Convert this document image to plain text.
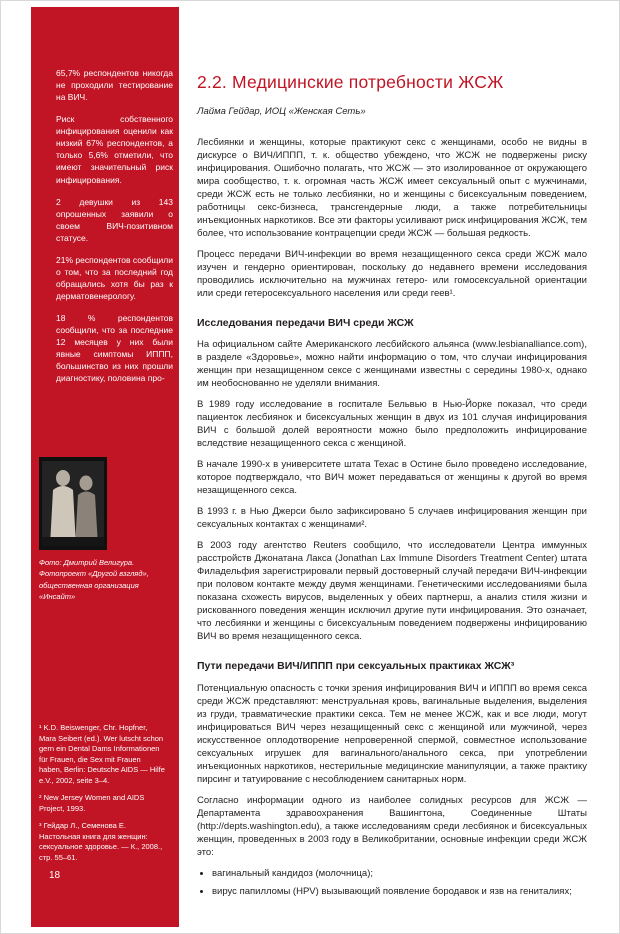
65,7% респондентов никогда не проходили тестирование на ВИЧ.

Риск собственного инфицирования оценили как низкий 67% респондентов, а только 5,6% отметили, что имеют значительный риск инфицирования.

2 девушки из 143 опрошенных заявили о своем ВИЧ-позитивном статусе.

21% респондентов сообщили о том, что за последний год обращались хотя бы раз к дерматовенерологу.

18 % респондентов сообщили, что за последние 12 месяцев у них были явные симптомы ИППП, большинство из них прошли диагностику, половина про-

Фото: Дмитрий Велигура. Фотопроект «Другой взгляд», общественная организация «Инсайт»

¹ K.D. Beiswenger, Chr. Hopfner, Mara Seibert (ed.). Wer lutscht schon gern ein Dental Dams Informationen für Frauen, die Sex mit Frauen haben, Berlin: Deutsche AIDS — Hilfe e.V., 2002, seite 3–4.

² New Jersey Women and AIDS Project, 1993.

³ Гейдар Л., Семенова Е. Настольная книга для женщин: сексуальное здоровье. — К., 2008., стр. 55–61.

18
2.2. Медицинские потребности ЖСЖ

Лайма Гейдар, ИОЦ «Женская Сеть»

Лесбиянки и женщины, которые практикуют секс с женщинами, особо не видны в дискурсе о ВИЧ/ИППП, т. к. общество убеждено, что ЖСЖ не подвержены риску инфицирования. Ошибочно полагать, что ЖСЖ — это изолированное от окружающего мира сообщество, т. к. огромная часть ЖСЖ имеет сексуальный опыт с мужчинами, среди ЖСЖ есть не только лесбиянки, но и женщины с бисексуальным поведением, работницы секс-бизнеса, трансгендерные люди, а также потребительницы инъекционных наркотиков. Все эти факторы усиливают риск инфицирования ЖСЖ, тем более, что использование контрацепции среди ЖСЖ — большая редкость.

Процесс передачи ВИЧ-инфекции во время незащищенного секса среди ЖСЖ мало изучен и гендерно ориентирован, поскольку до недавнего времени исследования проводились исключительно на мужчинах гетеро- или гомосексуальной ориентации или среди гетеросексуального населения или среди геев¹.

Исследования передачи ВИЧ среди ЖСЖ

На официальном сайте Американского лесбийского альянса (www.lesbianalliance.com), в разделе «Здоровье», можно найти информацию о том, что случаи инфицирования женщин при незащищенном сексе с женщинами известны с середины 1980-х, однако им необоснованно не уделяли внимания.

В 1989 году исследование в госпитале Бельвью в Нью-Йорке показал, что среди пациенток лесбиянок и бисексуальных женщин в двух из 101 случая инфицирования ВИЧ с большой долей вероятности можно было предположить инфицирование вследствие незащищенного секса с женщиной.

В начале 1990-х в университете штата Техас в Остине было проведено исследование, которое подтверждало, что ВИЧ может передаваться от женщины к другой во время незащищенного секса.

В 1993 г. в Нью Джерси было зафиксировано 5 случаев инфицирования женщин при сексуальных контактах с женщинами².

В 2003 году агентство Reuters сообщило, что исследователи Центра иммунных расстройств Джонатана Лакса (Jonathan Lax Immune Disorders Treatment Center) штата Филадельфия зарегистрировали первый достоверный случай передачи ВИЧ-инфекции при половом контакте между двумя женщинами. Генетическими исследованиями была показана схожесть вирусов, выделенных у обеих партнерш, а анализ стиля жизни и рискованного поведения женщин исключил другие пути инфицирования. Это означает, что лесбиянки и женщины с бисексуальным поведением подвержены инфицированию ВИЧ во время незащищенного секса.

Пути передачи ВИЧ/ИППП при сексуальных практиках ЖСЖ³

Потенциальную опасность с точки зрения инфицирования ВИЧ и ИППП во время секса среди ЖСЖ представляют: менструальная кровь, вагинальные выделения, выделения из груди, травматические практики секса. Тем не менее ЖСЖ, как и все люди, могут инфицироваться ВИЧ через незащищенный секс с женщиной или мужчиной, через искусственное оплодотворение непроверенной спермой, совместное использование сексуальных игрушек для вагинального/анального секса, при употреблении инъекционных наркотиков, нестерильные медицинские манипуляции, а также практику пирсинг и татуирование с несоблюдением санитарных норм.

Согласно информации одного из наиболее солидных ресурсов для ЖСЖ — Департамента здравоохранения Вашингтона, Соединенные Штаты (http://depts.washington.edu), а также исследованиям среди лесбиянок и бисексуальных женщин, проведенных в 2003 году в Великобритании, основные инфекции среди ЖСЖ это:

• вагинальный кандидоз (молочница);
• вирус папилломы (HPV) вызывающий появление бородавок и язв на гениталиях;
